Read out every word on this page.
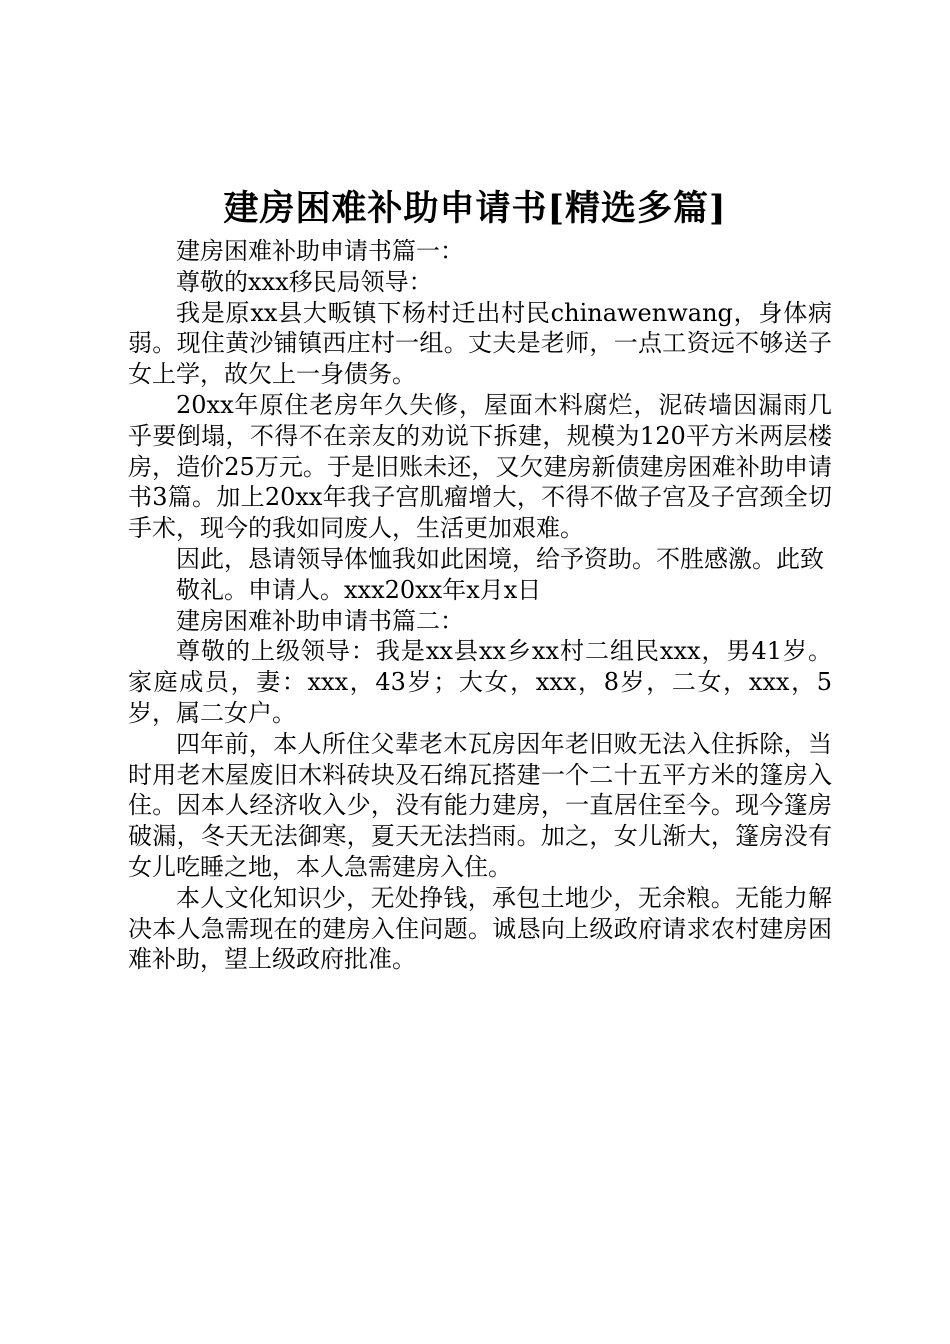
建房困难补助申请书[精选多篇]

建房困难补助申请书篇一：

尊敬的xxx移民局领导：

我是原xx县大畈镇下杨村迁出村民chinawenwang，身体病弱。现住黄沙铺镇西庄村一组。丈夫是老师，一点工资远不够送子女上学，故欠上一身债务。

20xx年原住老房年久失修，屋面木料腐烂，泥砖墙因漏雨几乎要倒塌，不得不在亲友的劝说下拆建，规模为120平方米两层楼房，造价25万元。于是旧账未还，又欠建房新债建房困难补助申请书3篇。加上20xx年我子宫肌瘤增大，不得不做子宫及子宫颈全切手术，现今的我如同废人，生活更加艰难。

因此，恳请领导体恤我如此困境，给予资助。不胜感激。此致

敬礼。申请人。xxx20xx年x月x日

建房困难补助申请书篇二：

尊敬的上级领导：我是xx县xx乡xx村二组民xxx，男41岁。家庭成员，妻：xxx，43岁；大女，xxx，8岁，二女，xxx，5岁，属二女户。

四年前，本人所住父辈老木瓦房因年老旧败无法入住拆除，当时用老木屋废旧木料砖块及石绵瓦搭建一个二十五平方米的篷房入住。因本人经济收入少，没有能力建房，一直居住至今。现今篷房破漏，冬天无法御寒，夏天无法挡雨。加之，女儿渐大，篷房没有女儿吃睡之地，本人急需建房入住。

本人文化知识少，无处挣钱，承包土地少，无余粮。无能力解决本人急需现在的建房入住问题。诚恳向上级政府请求农村建房困难补助，望上级政府批准。
